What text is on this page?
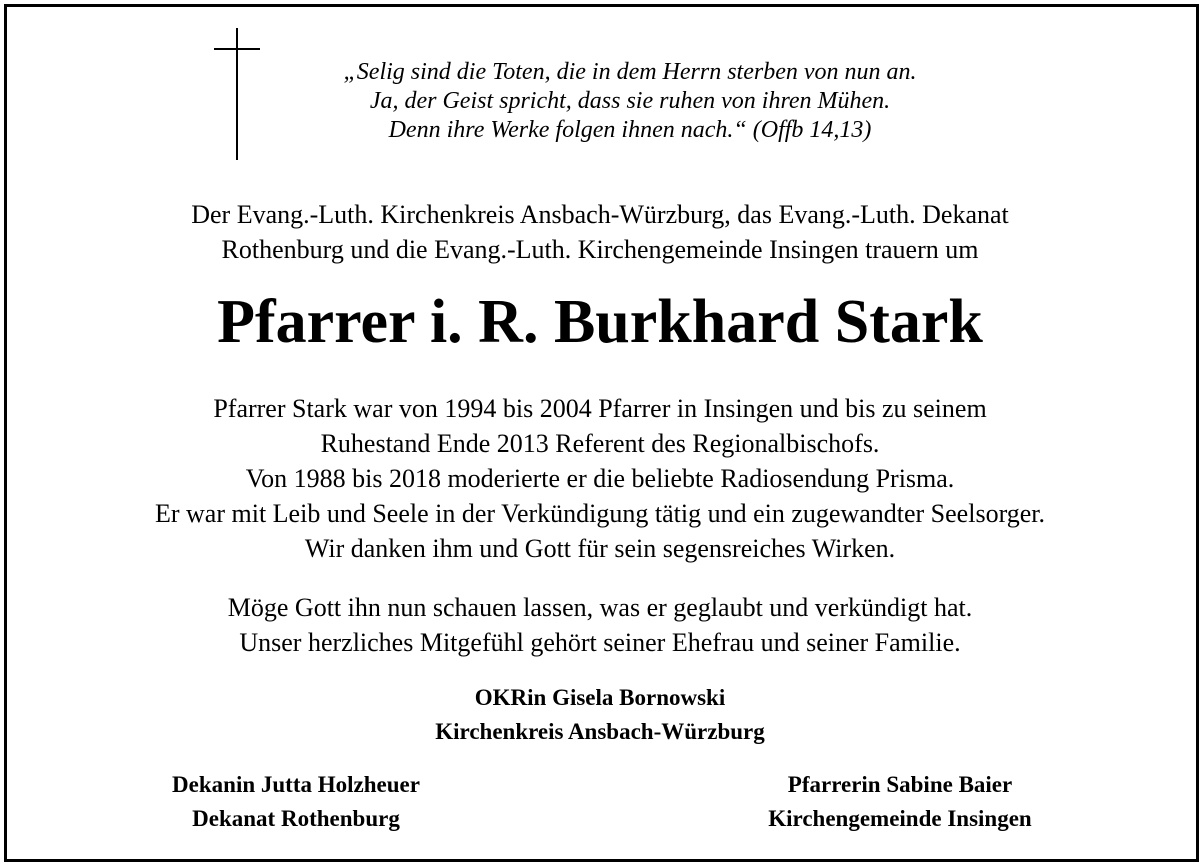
„Selig sind die Toten, die in dem Herrn sterben von nun an.
Ja, der Geist spricht, dass sie ruhen von ihren Mühen.
Denn ihre Werke folgen ihnen nach.“ (Offb 14,13)
Der Evang.-Luth. Kirchenkreis Ansbach-Würzburg, das Evang.-Luth. Dekanat
Rothenburg und die Evang.-Luth. Kirchengemeinde Insingen trauern um
Pfarrer i. R. Burkhard Stark
Pfarrer Stark war von 1994 bis 2004 Pfarrer in Insingen und bis zu seinem
Ruhestand Ende 2013 Referent des Regionalbischofs.
Von 1988 bis 2018 moderierte er die beliebte Radiosendung Prisma.
Er war mit Leib und Seele in der Verkündigung tätig und ein zugewandter Seelsorger.
Wir danken ihm und Gott für sein segensreiches Wirken.
Möge Gott ihn nun schauen lassen, was er geglaubt und verkündigt hat.
Unser herzliches Mitgefühl gehört seiner Ehefrau und seiner Familie.
OKRin Gisela Bornowski
Kirchenkreis Ansbach-Würzburg
Dekanin Jutta Holzheuer
Dekanat Rothenburg
Pfarrerin Sabine Baier
Kirchengemeinde Insingen
